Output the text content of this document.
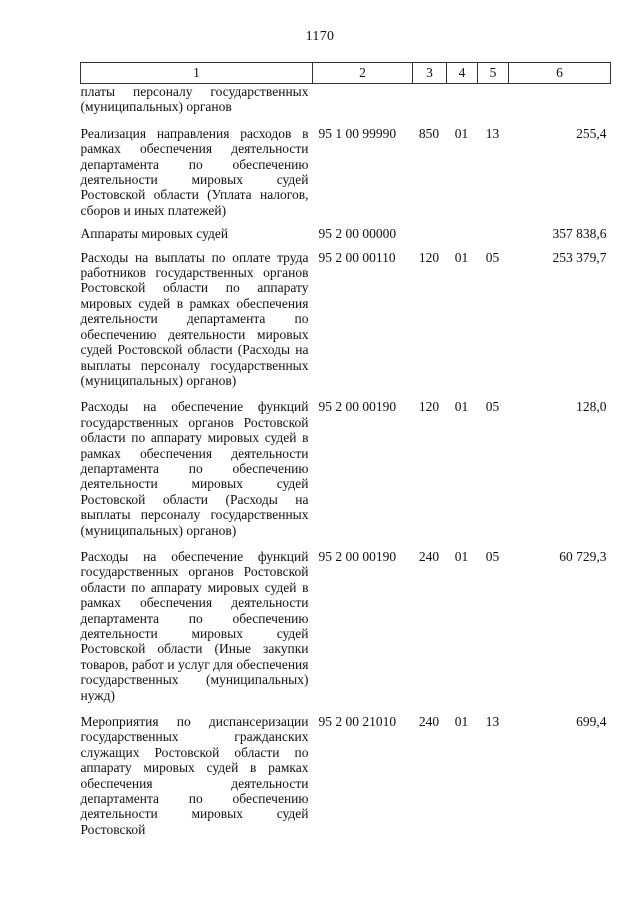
1170
1	2	3	4	5	6
платы персоналу государственных (муниципальных) органов					
Реализация направления расходов в рамках обеспечения деятельности департамента по обеспечению деятельности мировых судей Ростовской области (Уплата налогов, сборов и иных платежей)	95 1 00 99990	850	01	13	255,4
Аппараты мировых судей	95 2 00 00000				357 838,6
Расходы на выплаты по оплате труда работников государственных органов Ростовской области по аппарату мировых судей в рамках обеспечения деятельности департамента по обеспечению деятельности мировых судей Ростовской области (Расходы на выплаты персоналу государственных (муниципальных) органов)	95 2 00 00110	120	01	05	253 379,7
Расходы на обеспечение функций государственных органов Ростовской области по аппарату мировых судей в рамках обеспечения деятельности департамента по обеспечению деятельности мировых судей Ростовской области (Расходы на выплаты персоналу государственных (муниципальных) органов)	95 2 00 00190	120	01	05	128,0
Расходы на обеспечение функций государственных органов Ростовской области по аппарату мировых судей в рамках обеспечения деятельности департамента по обеспечению деятельности мировых судей Ростовской области (Иные закупки товаров, работ и услуг для обеспечения государственных (муниципальных) нужд)	95 2 00 00190	240	01	05	60 729,3
Мероприятия по диспансеризации государственных гражданских служащих Ростовской области по аппарату мировых судей в рамках обеспечения деятельности департамента по обеспечению деятельности мировых судей Ростовской	95 2 00 21010	240	01	13	699,4
